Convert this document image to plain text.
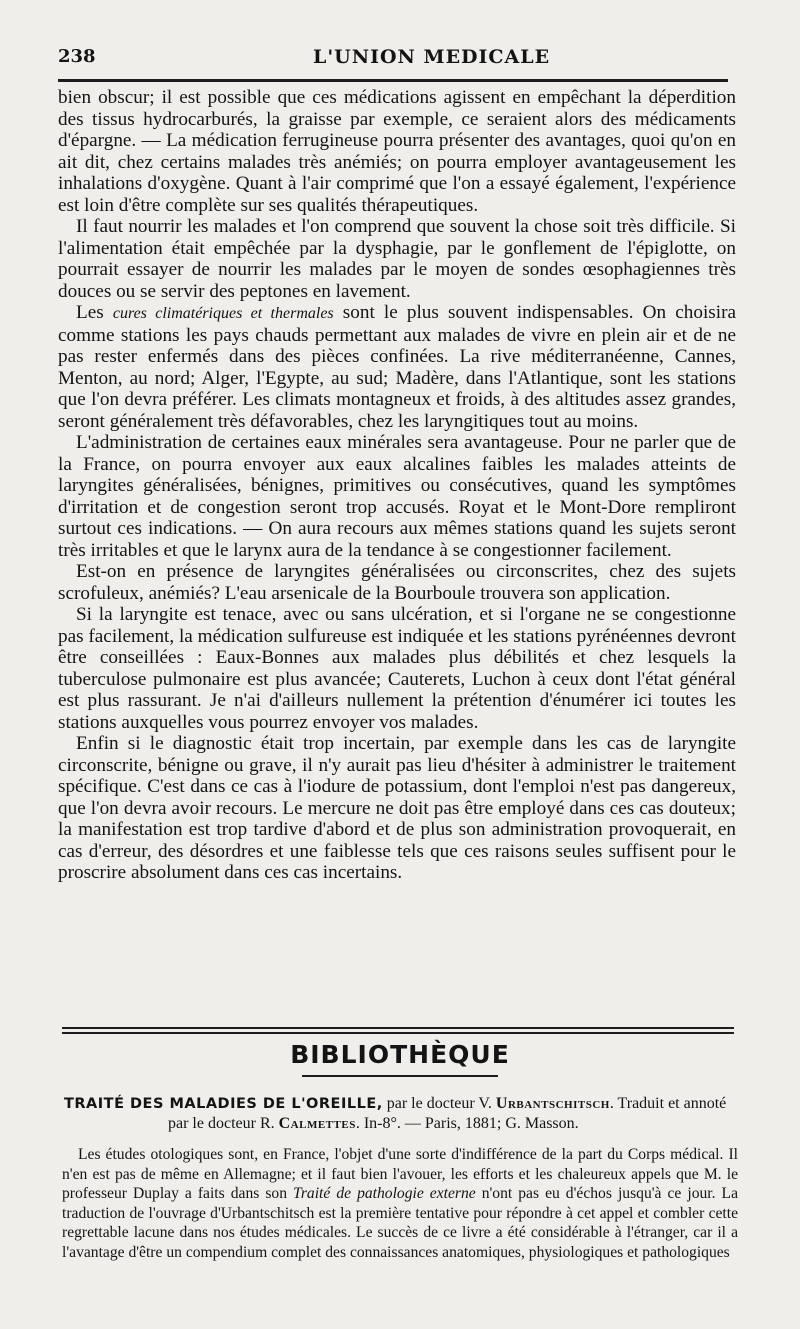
238	L'UNION MEDICALE

bien obscur; il est possible que ces médications agissent en empêchant la déperdition des tissus hydrocarburés, la graisse par exemple, ce seraient alors des médicaments d'épargne. — La médication ferrugineuse pourra présenter des avantages, quoi qu'on en ait dit, chez certains malades très anémiés; on pourra employer avantageusement les inhalations d'oxygène. Quant à l'air comprimé que l'on a essayé également, l'expérience est loin d'être complète sur ses qualités thérapeutiques.

Il faut nourrir les malades et l'on comprend que souvent la chose soit très difficile. Si l'alimentation était empêchée par la dysphagie, par le gonflement de l'épiglotte, on pourrait essayer de nourrir les malades par le moyen de sondes œsophagiennes très douces ou se servir des peptones en lavement.

Les cures climatériques et thermales sont le plus souvent indispensables. On choisira comme stations les pays chauds permettant aux malades de vivre en plein air et de ne pas rester enfermés dans des pièces confinées. La rive méditerranéenne, Cannes, Menton, au nord; Alger, l'Egypte, au sud; Madère, dans l'Atlantique, sont les stations que l'on devra préférer. Les climats montagneux et froids, à des altitudes assez grandes, seront généralement très défavorables, chez les laryngitiques tout au moins.

L'administration de certaines eaux minérales sera avantageuse. Pour ne parler que de la France, on pourra envoyer aux eaux alcalines faibles les malades atteints de laryngites généralisées, bénignes, primitives ou consécutives, quand les symptômes d'irritation et de congestion seront trop accusés. Royat et le Mont-Dore rempliront surtout ces indications. — On aura recours aux mêmes stations quand les sujets seront très irritables et que le larynx aura de la tendance à se congestionner facilement.

Est-on en présence de laryngites généralisées ou circonscrites, chez des sujets scrofuleux, anémiés? L'eau arsenicale de la Bourboule trouvera son application.

Si la laryngite est tenace, avec ou sans ulcération, et si l'organe ne se congestionne pas facilement, la médication sulfureuse est indiquée et les stations pyrénéennes devront être conseillées : Eaux-Bonnes aux malades plus débilités et chez lesquels la tuberculose pulmonaire est plus avancée; Cauterets, Luchon à ceux dont l'état général est plus rassurant. Je n'ai d'ailleurs nullement la prétention d'énumérer ici toutes les stations auxquelles vous pourrez envoyer vos malades.

Enfin si le diagnostic était trop incertain, par exemple dans les cas de laryngite circonscrite, bénigne ou grave, il n'y aurait pas lieu d'hésiter à administrer le traitement spécifique. C'est dans ce cas à l'iodure de potassium, dont l'emploi n'est pas dangereux, que l'on devra avoir recours. Le mercure ne doit pas être employé dans ces cas douteux; la manifestation est trop tardive d'abord et de plus son administration provoquerait, en cas d'erreur, des désordres et une faiblesse tels que ces raisons seules suffisent pour le proscrire absolument dans ces cas incertains.

BIBLIOTHÈQUE
TRAITÉ DES MALADIES DE L'OREILLE, par le docteur V. Urbantschitsch. Traduit et annoté
par le docteur R. Calmettes. In-8°. — Paris, 1881; G. Masson.

Les études otologiques sont, en France, l'objet d'une sorte d'indifférence de la part du Corps médical. Il n'en est pas de même en Allemagne; et il faut bien l'avouer, les efforts et les chaleureux appels que M. le professeur Duplay a faits dans son Traité de pathologie externe n'ont pas eu d'échos jusqu'à ce jour. La traduction de l'ouvrage d'Urbantschitsch est la première tentative pour répondre à cet appel et combler cette regrettable lacune dans nos études médicales. Le succès de ce livre a été considérable à l'étranger, car il a l'avantage d'être un compendium complet des connaissances anatomiques, physiologiques et pathologiques
